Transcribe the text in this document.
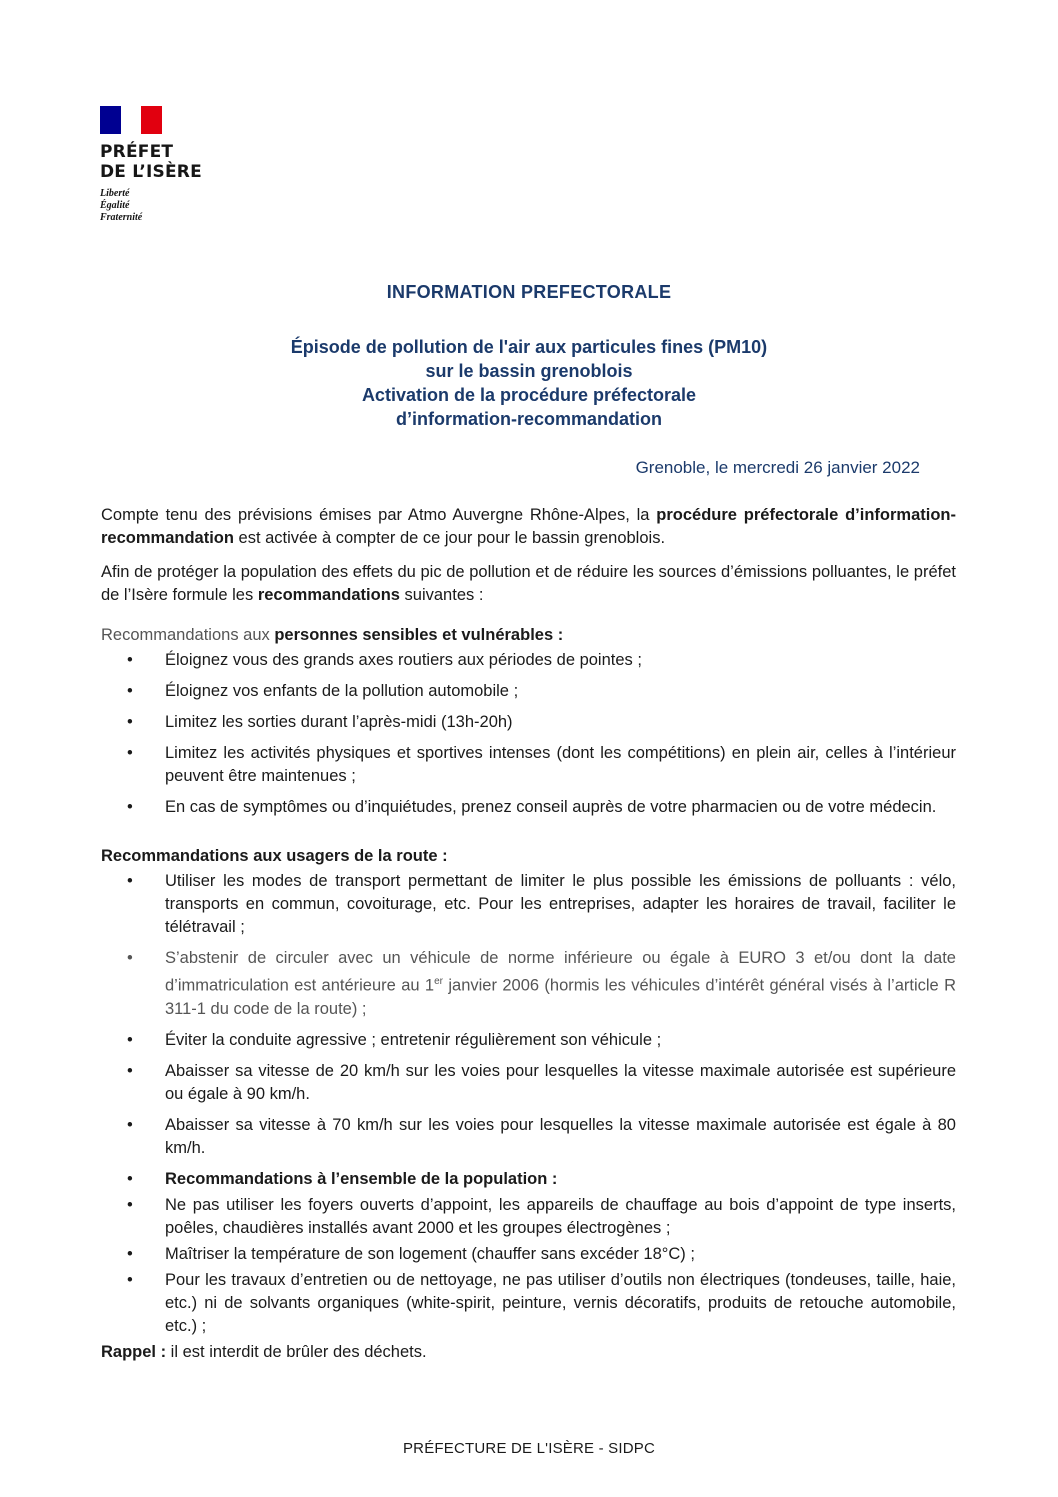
PRÉFET
DE L’ISÈRE
Liberté
Égalité
Fraternité
INFORMATION PREFECTORALE
Épisode de pollution de l'air aux particules fines (PM10)
sur le bassin grenoblois
Activation de la procédure préfectorale
d’information-recommandation
Grenoble, le mercredi 26 janvier 2022

Compte tenu des prévisions émises par Atmo Auvergne Rhône-Alpes, la procédure préfectorale d’information-recommandation est activée à compter de ce jour pour le bassin grenoblois.

Afin de protéger la population des effets du pic de pollution et de réduire les sources d’émissions polluantes, le préfet de l’Isère formule les recommandations suivantes :

Recommandations aux personnes sensibles et vulnérables :

• Éloignez vous des grands axes routiers aux périodes de pointes ;
• Éloignez vos enfants de la pollution automobile ;
• Limitez les sorties durant l’après-midi (13h-20h)
• Limitez les activités physiques et sportives intenses (dont les compétitions) en plein air, celles à l’intérieur peuvent être maintenues ;
• En cas de symptômes ou d’inquiétudes, prenez conseil auprès de votre pharmacien ou de votre médecin.

Recommandations aux usagers de la route :

• Utiliser les modes de transport permettant de limiter le plus possible les émissions de polluants : vélo, transports en commun, covoiturage, etc. Pour les entreprises, adapter les horaires de travail, faciliter le télétravail ;
• S’abstenir de circuler avec un véhicule de norme inférieure ou égale à EURO 3 et/ou dont la date d’immatriculation est antérieure au 1er janvier 2006 (hormis les véhicules d’intérêt général visés à l’article R 311-1 du code de la route) ;
• Éviter la conduite agressive ; entretenir régulièrement son véhicule ;
• Abaisser sa vitesse de 20 km/h sur les voies pour lesquelles la vitesse maximale autorisée est supérieure ou égale à 90 km/h.
• Abaisser sa vitesse à 70 km/h sur les voies pour lesquelles la vitesse maximale autorisée est égale à 80 km/h.
• Recommandations à l’ensemble de la population :
• Ne pas utiliser les foyers ouverts d’appoint, les appareils de chauffage au bois d’appoint de type inserts, poêles, chaudières installés avant 2000 et les groupes électrogènes ;
• Maîtriser la température de son logement (chauffer sans excéder 18°C) ;
• Pour les travaux d’entretien ou de nettoyage, ne pas utiliser d’outils non électriques (tondeuses, taille, haie, etc.) ni de solvants organiques (white-spirit, peinture, vernis décoratifs, produits de retouche automobile, etc.) ;

Rappel : il est interdit de brûler des déchets.

PRÉFECTURE DE L'ISÈRE - SIDPC
